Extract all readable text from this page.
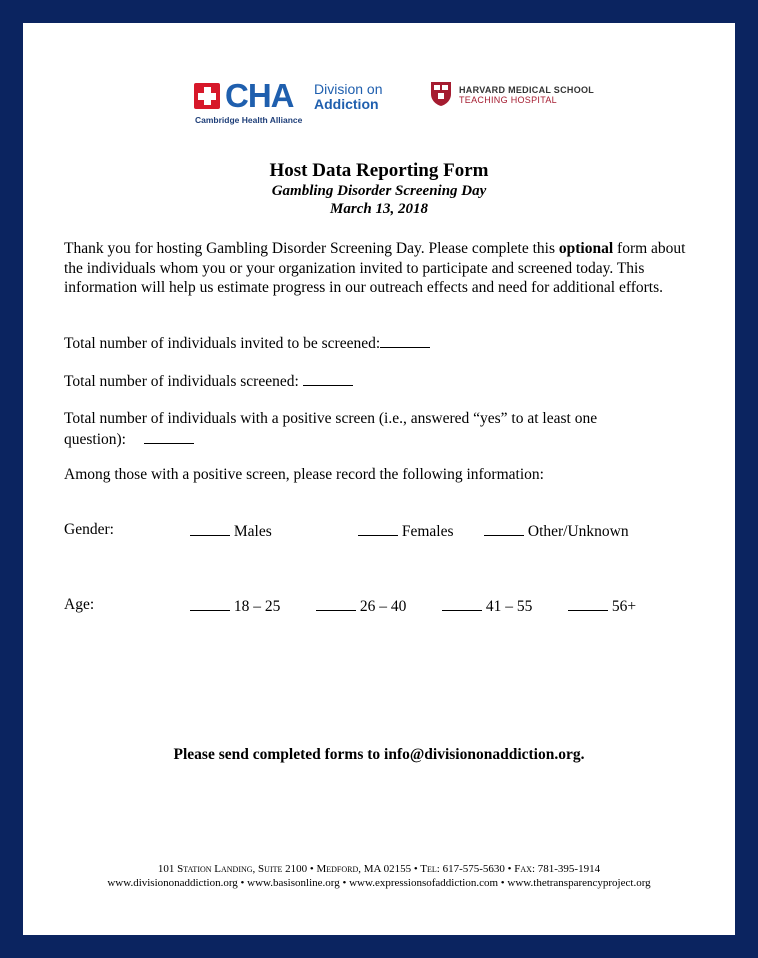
CHA
Cambridge Health Alliance
Division on
Addiction
HARVARD MEDICAL SCHOOL
TEACHING HOSPITAL
Host Data Reporting Form
Gambling Disorder Screening Day
March 13, 2018
Thank you for hosting Gambling Disorder Screening Day. Please complete this optional form about the individuals whom you or your organization invited to participate and screened today. This information will help us estimate progress in our outreach effects and need for additional efforts.
Total number of individuals invited to be screened:
Total number of individuals screened:
Total number of individuals with a positive screen (i.e., answered “yes” to at least one
question):
Among those with a positive screen, please record the following information:
Gender:	Males	Females	Other/Unknown
Age:	18 – 25	26 – 40	41 – 55	56+
Please send completed forms to info@divisiononaddiction.org.
101 Station Landing, Suite 2100 • Medford, MA 02155 • Tel: 617-575-5630 • Fax: 781-395-1914
www.divisiononaddiction.org • www.basisonline.org • www.expressionsofaddiction.com • www.thetransparencyproject.org
